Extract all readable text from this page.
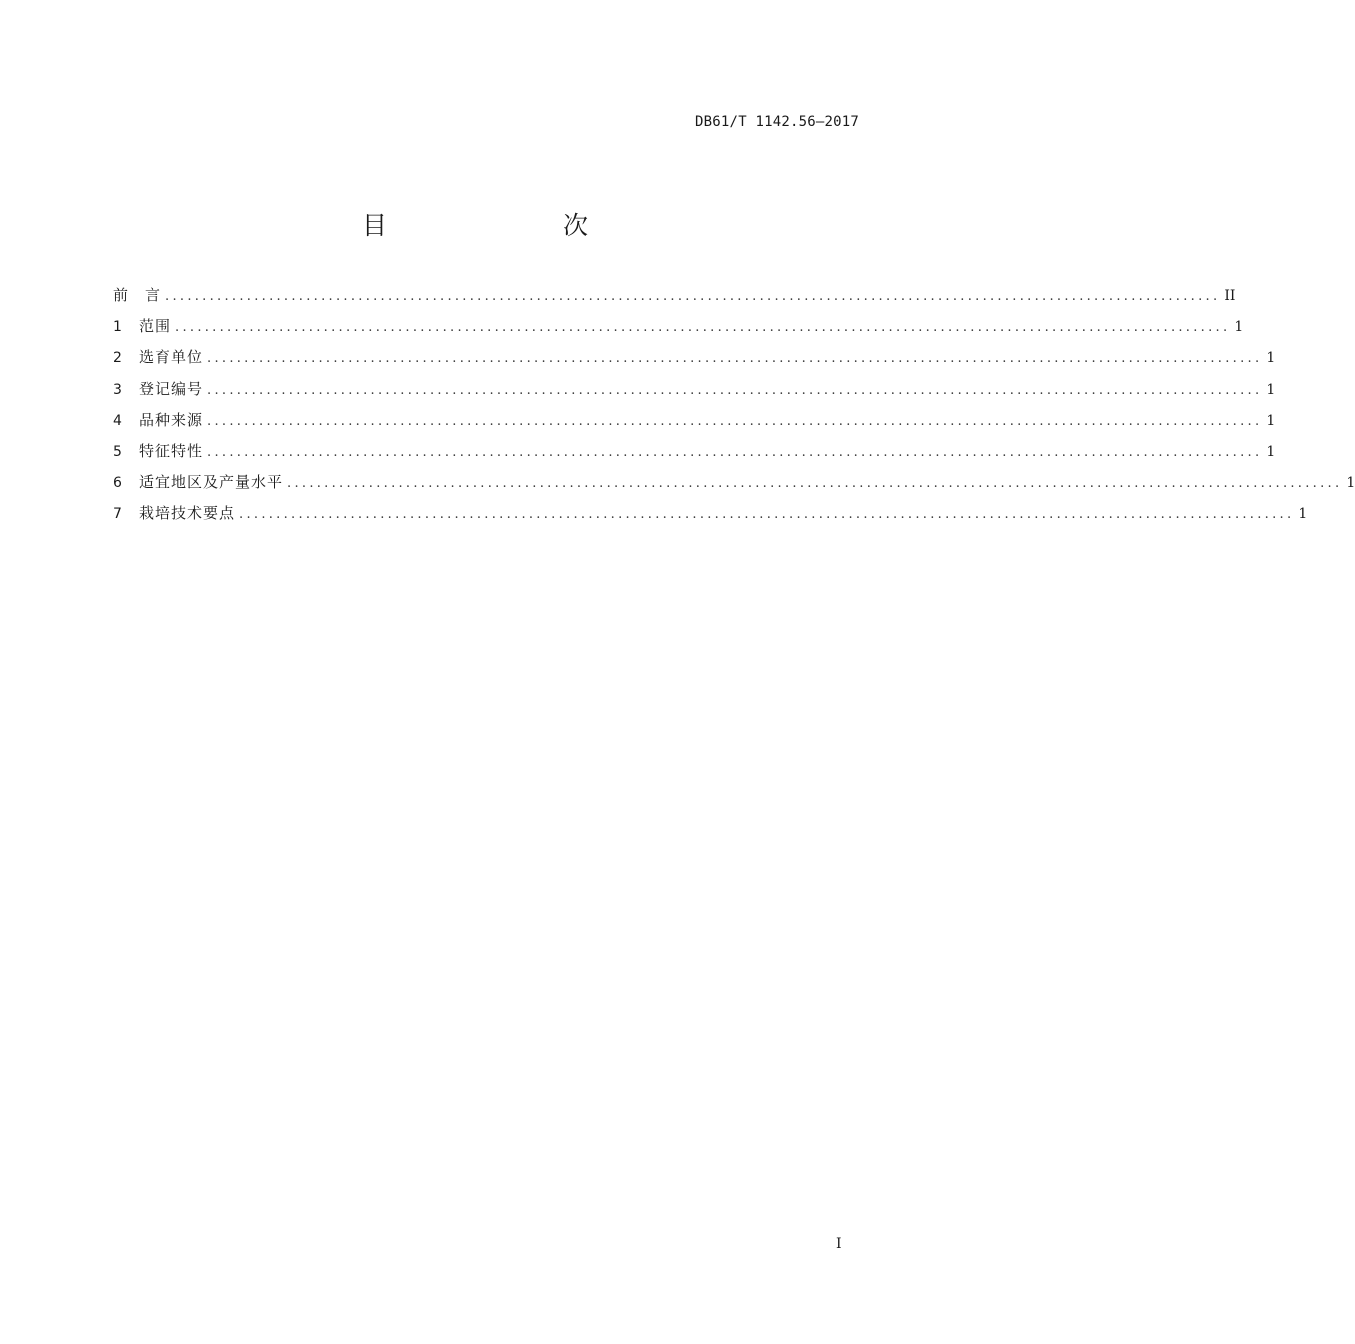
DB61/T 1142.56—2017
目　　次
前　言 .............................................................................................................................................. II
1	范围 .............................................................................................................................................. 1
2	选育单位 .............................................................................................................................................. 1
3	登记编号 .............................................................................................................................................. 1
4	品种来源 .............................................................................................................................................. 1
5	特征特性 .............................................................................................................................................. 1
6	适宜地区及产量水平 .............................................................................................................................................. 1
7	栽培技术要点 .............................................................................................................................................. 1
I
